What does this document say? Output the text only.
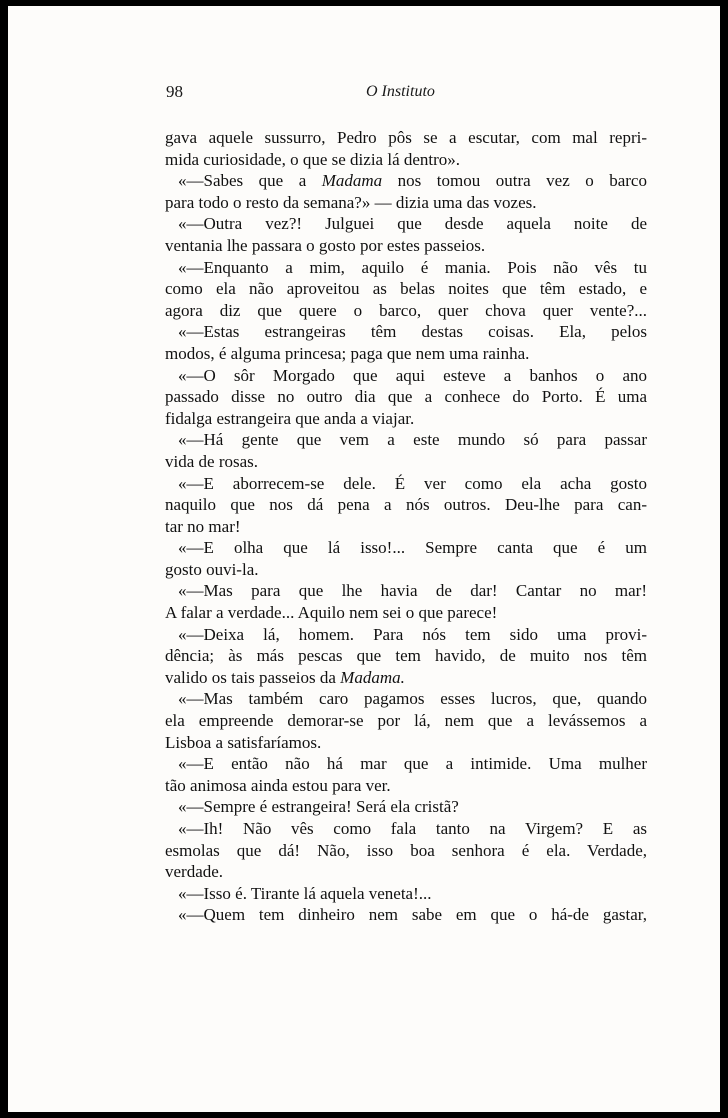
98	O Instituto
gava aquele sussurro, Pedro pôs se a escutar, com mal repri-
mida curiosidade, o que se dizia lá dentro».
«—Sabes que a Madama nos tomou outra vez o barco
para todo o resto da semana?» — dizia uma das vozes.
«—Outra vez?! Julguei que desde aquela noite de
ventania lhe passara o gosto por estes passeios.
«—Enquanto a mim, aquilo é mania. Pois não vês tu
como ela não aproveitou as belas noites que têm estado, e
agora diz que quere o barco, quer chova quer vente?...
«—Estas estrangeiras têm destas coisas. Ela, pelos
modos, é alguma princesa; paga que nem uma rainha.
«—O sôr Morgado que aqui esteve a banhos o ano
passado disse no outro dia que a conhece do Porto. É uma
fidalga estrangeira que anda a viajar.
«—Há gente que vem a este mundo só para passar
vida de rosas.
«—E aborrecem-se dele. É ver como ela acha gosto
naquilo que nos dá pena a nós outros. Deu-lhe para can-
tar no mar!
«—E olha que lá isso!... Sempre canta que é um
gosto ouvi-la.
«—Mas para que lhe havia de dar! Cantar no mar!
A falar a verdade... Aquilo nem sei o que parece!
«—Deixa lá, homem. Para nós tem sido uma provi-
dência; às más pescas que tem havido, de muito nos têm
valido os tais passeios da Madama.
«—Mas também caro pagamos esses lucros, que, quando
ela empreende demorar-se por lá, nem que a levássemos a
Lisboa a satisfaríamos.
«—E então não há mar que a intimide. Uma mulher
tão animosa ainda estou para ver.
«—Sempre é estrangeira! Será ela cristã?
«—Ih! Não vês como fala tanto na Virgem? E as
esmolas que dá! Não, isso boa senhora é ela. Verdade,
verdade.
«—Isso é. Tirante lá aquela veneta!...
«—Quem tem dinheiro nem sabe em que o há-de gastar,
